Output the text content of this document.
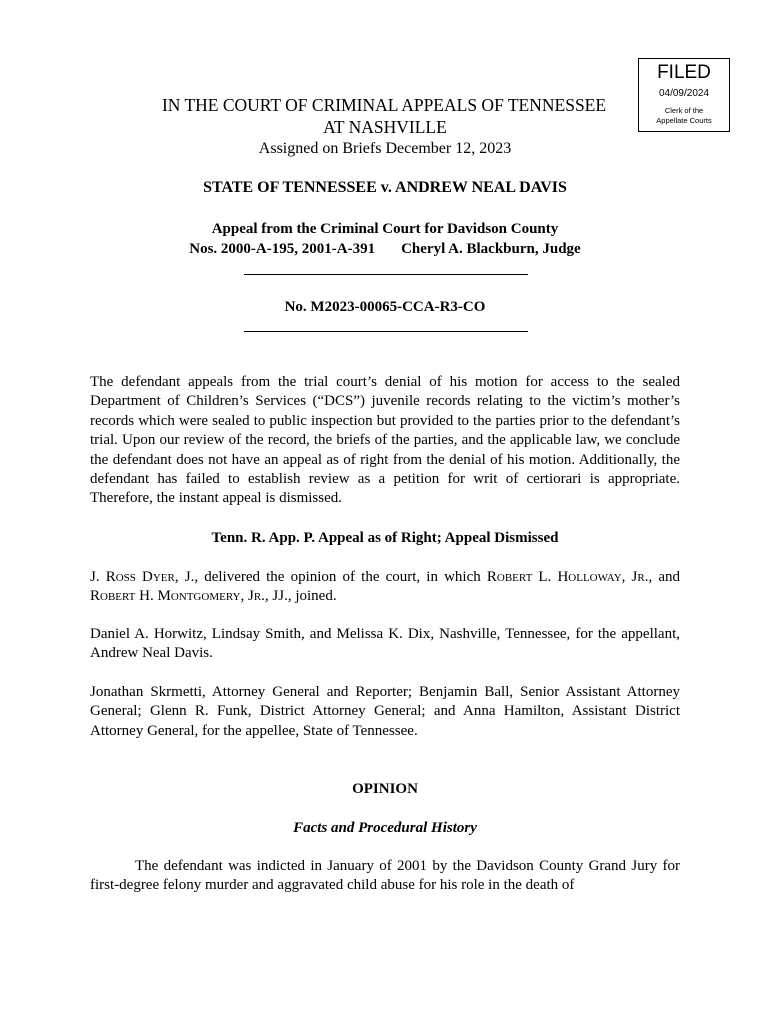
FILED
04/09/2024
Clerk of the
Appellate Courts
IN THE COURT OF CRIMINAL APPEALS OF TENNESSEE
AT NASHVILLE
Assigned on Briefs December 12, 2023
STATE OF TENNESSEE v. ANDREW NEAL DAVIS
Appeal from the Criminal Court for Davidson County
Nos. 2000-A-195, 2001-A-391 Cheryl A. Blackburn, Judge
No. M2023-00065-CCA-R3-CO
The defendant appeals from the trial court’s denial of his motion for access to the sealed Department of Children’s Services (“DCS”) juvenile records relating to the victim’s mother’s records which were sealed to public inspection but provided to the parties prior to the defendant’s trial. Upon our review of the record, the briefs of the parties, and the applicable law, we conclude the defendant does not have an appeal as of right from the denial of his motion. Additionally, the defendant has failed to establish review as a petition for writ of certiorari is appropriate. Therefore, the instant appeal is dismissed.
Tenn. R. App. P. Appeal as of Right; Appeal Dismissed
J. Ross Dyer, J., delivered the opinion of the court, in which Robert L. Holloway, Jr., and Robert H. Montgomery, Jr., JJ., joined.
Daniel A. Horwitz, Lindsay Smith, and Melissa K. Dix, Nashville, Tennessee, for the appellant, Andrew Neal Davis.
Jonathan Skrmetti, Attorney General and Reporter; Benjamin Ball, Senior Assistant Attorney General; Glenn R. Funk, District Attorney General; and Anna Hamilton, Assistant District Attorney General, for the appellee, State of Tennessee.
OPINION
Facts and Procedural History
The defendant was indicted in January of 2001 by the Davidson County Grand Jury for first-degree felony murder and aggravated child abuse for his role in the death of
